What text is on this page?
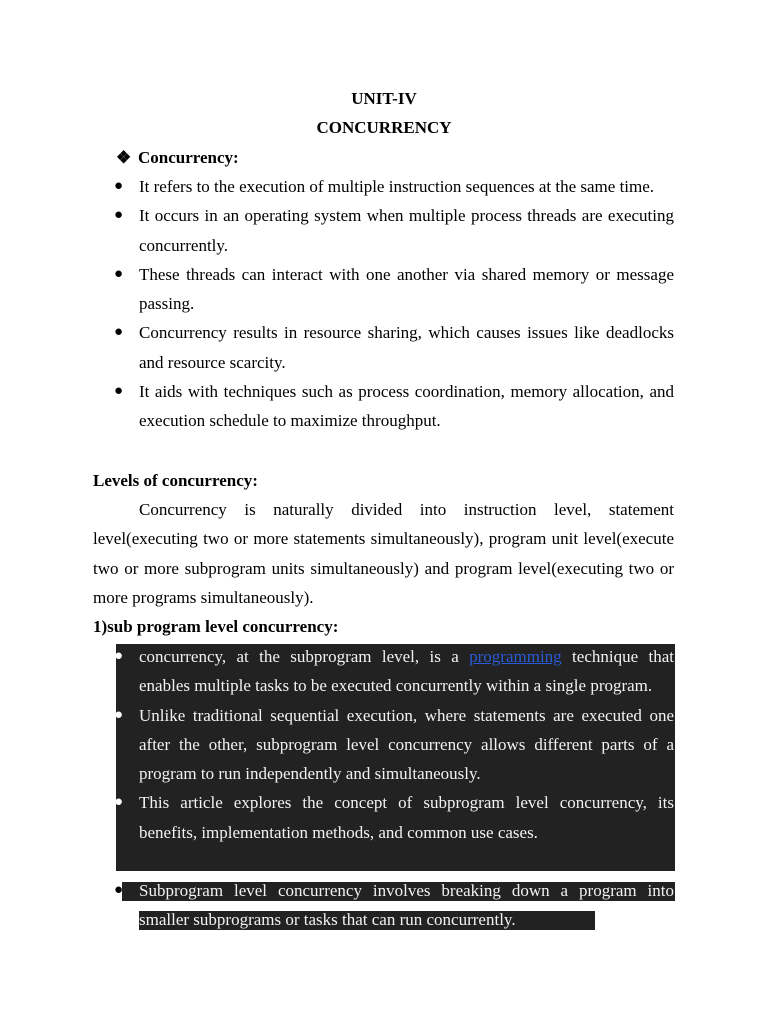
UNIT-IV

CONCURRENCY

❖ Concurrency:
● It refers to the execution of multiple instruction sequences at the same time.
● It occurs in an operating system when multiple process threads are executing concurrently.
● These threads can interact with one another via shared memory or message passing.
● Concurrency results in resource sharing, which causes issues like deadlocks and resource scarcity.
● It aids with techniques such as process coordination, memory allocation, and execution schedule to maximize throughput.
Levels of concurrency:

Concurrency is naturally divided into instruction level, statement level(executing two or more statements simultaneously), program unit level(execute two or more subprogram units simultaneously) and program level(executing two or more programs simultaneously).

1)sub program level concurrency:
● concurrency, at the subprogram level, is a programming technique that enables multiple tasks to be executed concurrently within a single program.
● Unlike traditional sequential execution, where statements are executed one after the other, subprogram level concurrency allows different parts of a program to run independently and simultaneously.
● This article explores the concept of subprogram level concurrency, its benefits, implementation methods, and common use cases.
● Subprogram level concurrency involves breaking down a program into smaller subprograms or tasks that can run concurrently.
